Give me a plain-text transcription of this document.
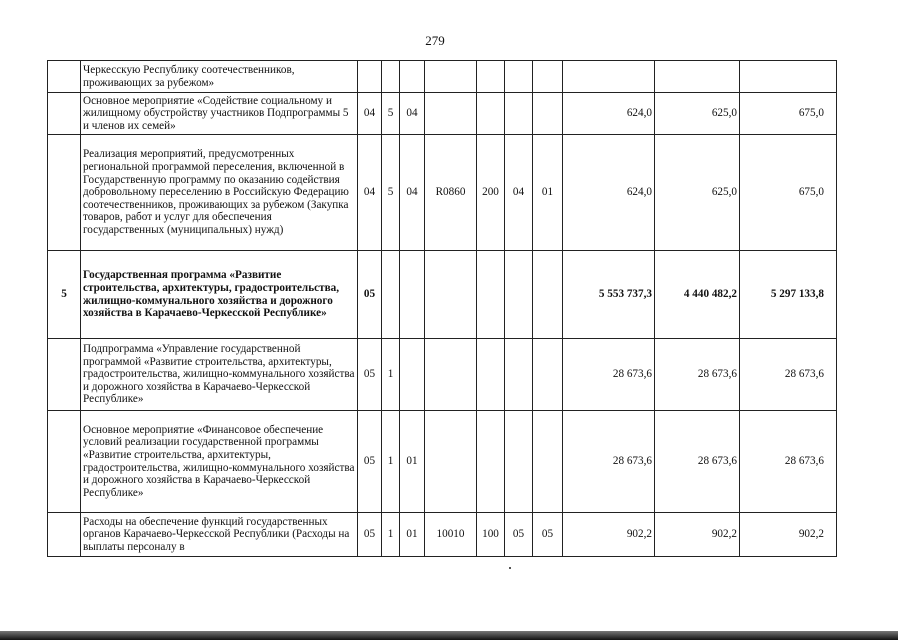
279
	Черкесскую Республику соотечественников, проживающих за рубежом»										
	Основное мероприятие «Содействие социальному и жилищному обустройству участников Подпрограммы 5 и членов их семей»	04	5	04					624,0	625,0	675,0
	Реализация мероприятий, предусмотренных региональной программой переселения, включенной в Государственную программу по оказанию содействия добровольному переселению в Российскую Федерацию соотечественников, проживающих за рубежом (Закупка товаров, работ и услуг для обеспечения государственных (муниципальных) нужд)	04	5	04	R0860	200	04	01	624,0	625,0	675,0
5	Государственная программа «Развитие строительства, архитектуры, градостроительства, жилищно-коммунального хозяйства и дорожного хозяйства в Карачаево-Черкесской Республике»	05							5 553 737,3	4 440 482,2	5 297 133,8
	Подпрограмма «Управление государственной программой «Развитие строительства, архитектуры, градостроительства, жилищно-коммунального хозяйства и дорожного хозяйства в Карачаево-Черкесской Республике»	05	1						28 673,6	28 673,6	28 673,6
	Основное мероприятие «Финансовое обеспечение условий реализации государственной программы «Развитие строительства, архитектуры, градостроительства, жилищно-коммунального хозяйства и дорожного хозяйства в Карачаево-Черкесской Республике»	05	1	01					28 673,6	28 673,6	28 673,6
	Расходы на обеспечение функций государственных органов Карачаево-Черкесской Республики (Расходы на выплаты персоналу в	05	1	01	10010	100	05	05	902,2	902,2	902,2
